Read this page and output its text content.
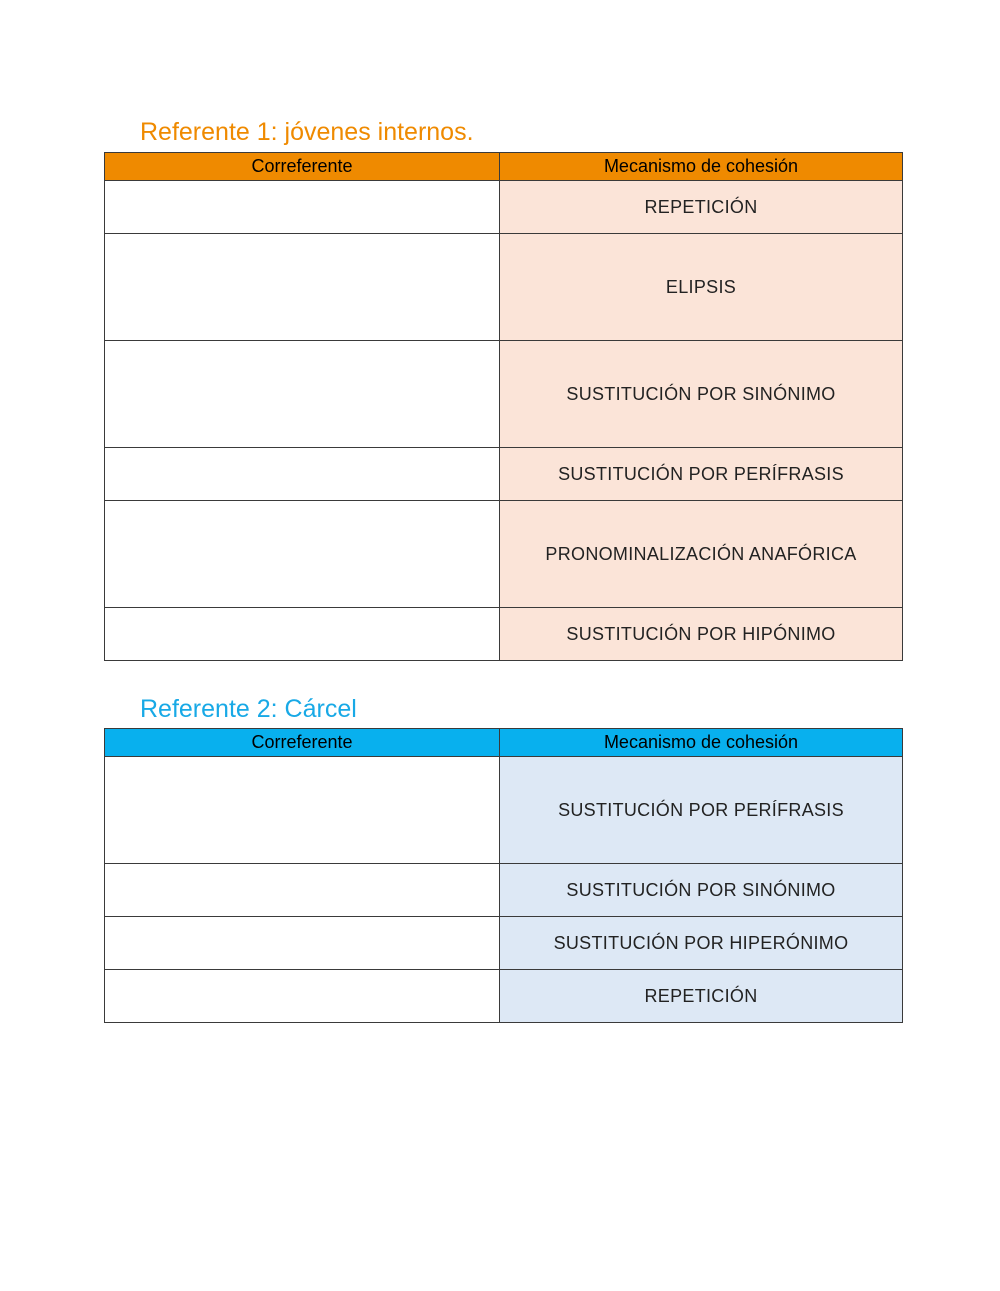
Referente 1: jóvenes internos.
Correferente	Mecanismo de cohesión
	REPETICIÓN
	ELIPSIS
	SUSTITUCIÓN POR SINÓNIMO
	SUSTITUCIÓN POR PERÍFRASIS
	PRONOMINALIZACIÓN ANAFÓRICA
	SUSTITUCIÓN POR HIPÓNIMO
Referente 2: Cárcel
Correferente	Mecanismo de cohesión
	SUSTITUCIÓN POR PERÍFRASIS
	SUSTITUCIÓN POR SINÓNIMO
	SUSTITUCIÓN POR HIPERÓNIMO
	REPETICIÓN
